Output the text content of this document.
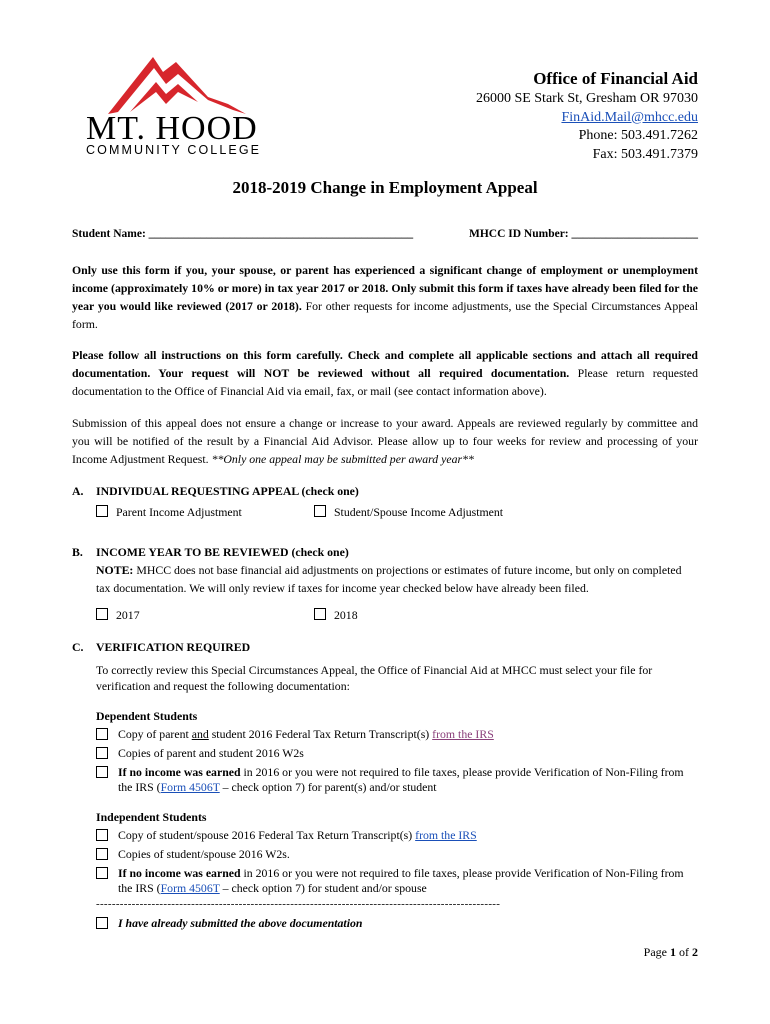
MT. HOOD
COMMUNITY COLLEGE
Office of Financial Aid
26000 SE Stark St, Gresham OR 97030
FinAid.Mail@mhcc.edu
Phone: 503.491.7262
Fax: 503.491.7379
2018-2019 Change in Employment Appeal
Student Name: ______________________________________________	MHCC ID Number: ______________________
Only use this form if you, your spouse, or parent has experienced a significant change of employment or unemployment income (approximately 10% or more) in tax year 2017 or 2018. Only submit this form if taxes have already been filed for the year you would like reviewed (2017 or 2018). For other requests for income adjustments, use the Special Circumstances Appeal form.
Please follow all instructions on this form carefully. Check and complete all applicable sections and attach all required documentation. Your request will NOT be reviewed without all required documentation. Please return requested documentation to the Office of Financial Aid via email, fax, or mail (see contact information above).
Submission of this appeal does not ensure a change or increase to your award. Appeals are reviewed regularly by committee and you will be notified of the result by a Financial Aid Advisor. Please allow up to four weeks for review and processing of your Income Adjustment Request. **Only one appeal may be submitted per award year**
A. INDIVIDUAL REQUESTING APPEAL (check one)
Parent Income Adjustment	Student/Spouse Income Adjustment
B. INCOME YEAR TO BE REVIEWED (check one)
NOTE: MHCC does not base financial aid adjustments on projections or estimates of future income, but only on completed tax documentation. We will only review if taxes for income year checked below have already been filed.
2017	2018
C. VERIFICATION REQUIRED
To correctly review this Special Circumstances Appeal, the Office of Financial Aid at MHCC must select your file for verification and request the following documentation:
Dependent Students
Copy of parent and student 2016 Federal Tax Return Transcript(s) from the IRS
Copies of parent and student 2016 W2s
If no income was earned in 2016 or you were not required to file taxes, please provide Verification of Non-Filing from the IRS (Form 4506T – check option 7) for parent(s) and/or student
Independent Students
Copy of student/spouse 2016 Federal Tax Return Transcript(s) from the IRS
Copies of student/spouse 2016 W2s.
If no income was earned in 2016 or you were not required to file taxes, please provide Verification of Non-Filing from the IRS (Form 4506T – check option 7) for student and/or spouse
------------------------------------------------------------------------------------------------------
I have already submitted the above documentation
Page 1 of 2
